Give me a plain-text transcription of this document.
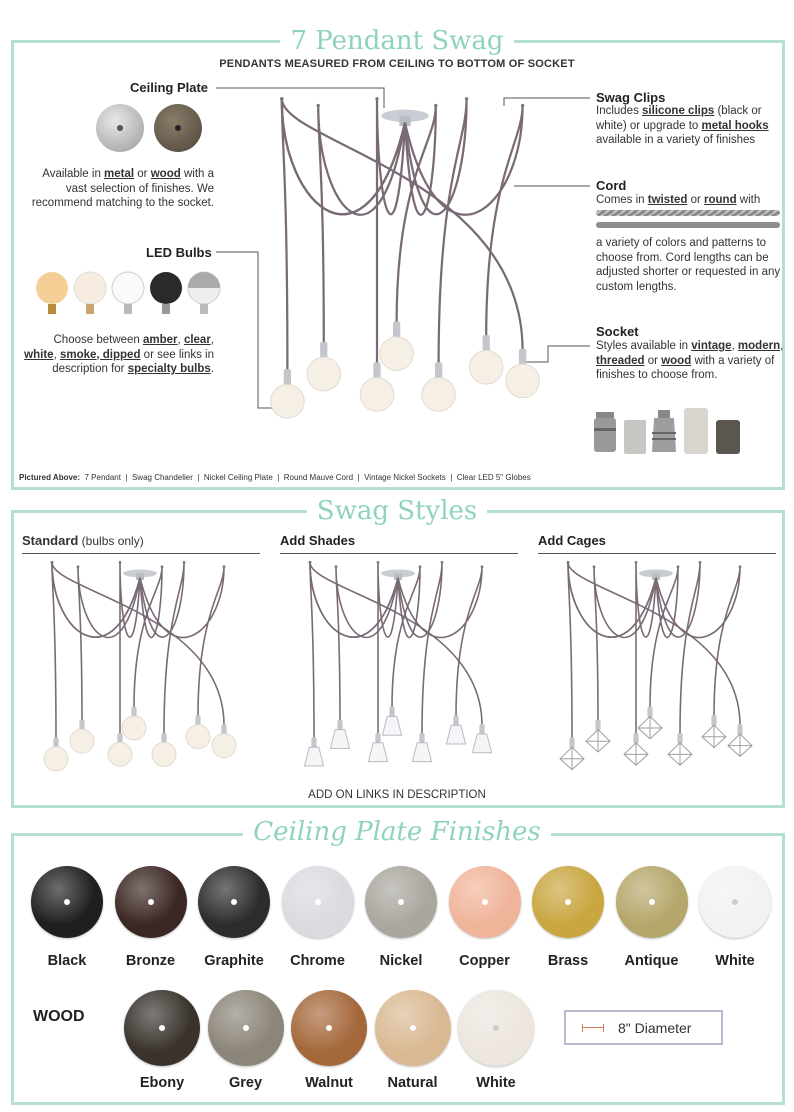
7 Pendant Swag
PENDANTS MEASURED FROM CEILING TO BOTTOM OF SOCKET
Ceiling Plate
Available in metal or wood with a vast selection of finishes. We recommend matching to the socket.
LED Bulbs
Choose between amber, clear, white, smoke, dipped or see links in description for specialty bulbs.
Swag Clips
Includes silicone clips (black or white) or upgrade to metal hooks available in a variety of finishes
Cord
Comes in twisted or round with
a variety of colors and patterns to choose from. Cord lengths can be adjusted shorter or requested in any custom lengths.
Socket
Styles available in vintage, modern, threaded or wood with a variety of finishes to choose from.
Pictured Above: 7 Pendant  |  Swag Chandelier  |  Nickel Ceiling Plate  |  Round Mauve Cord  |  Vintage Nickel Sockets  |  Clear LED 5" Globes
Swag Styles
Standard (bulbs only)	Add Shades	Add Cages
ADD ON LINKS IN DESCRIPTION
Ceiling Plate Finishes
WOOD
8" Diameter
Black	Bronze	Graphite	Chrome	Nickel	Copper	Brass	Antique	White
Ebony	Grey	Walnut	Natural	White
